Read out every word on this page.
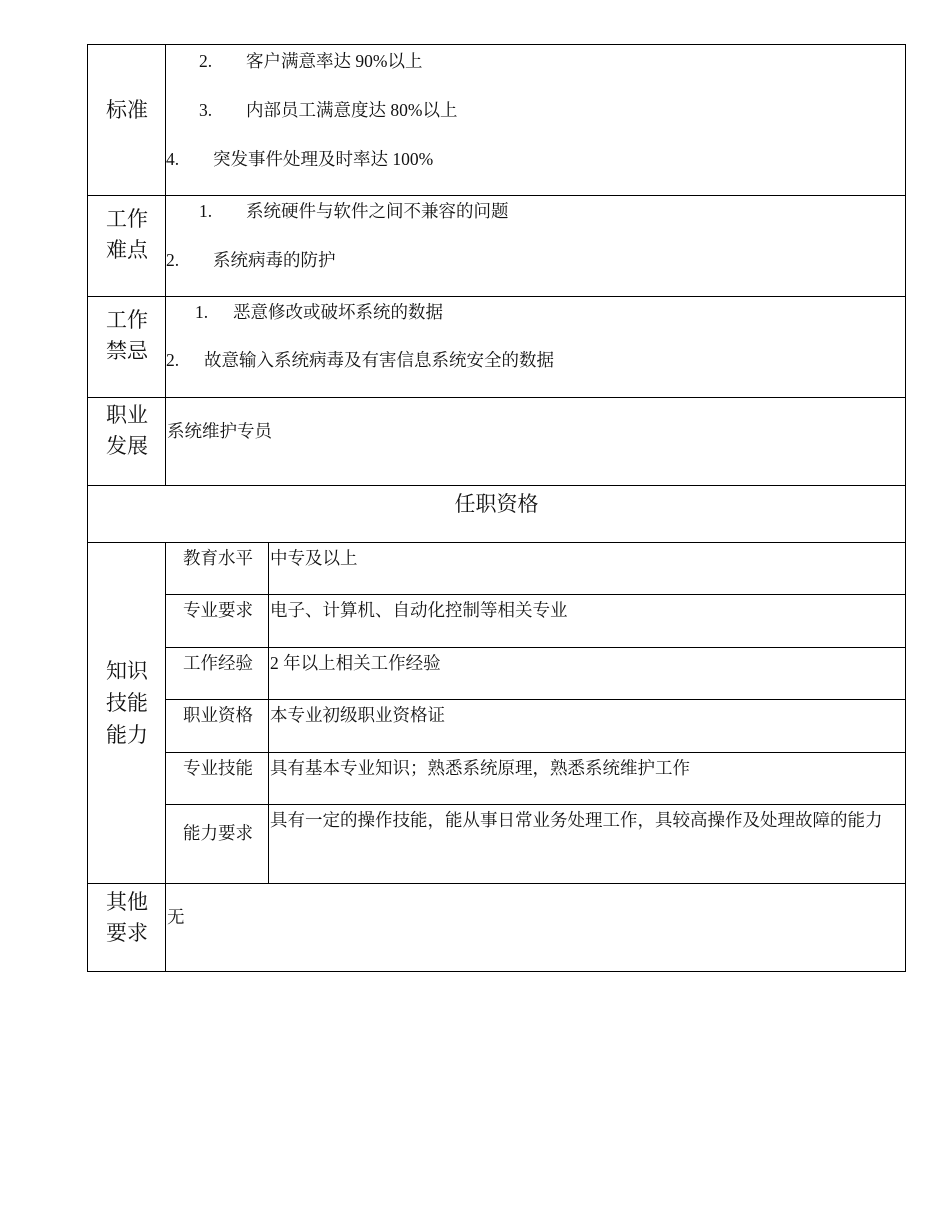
标准
2. 客户满意率达 90%以上
3. 内部员工满意度达 80%以上
4. 突发事件处理及时率达 100%
工作
难点
1. 系统硬件与软件之间不兼容的问题
2. 系统病毒的防护
工作
禁忌
1. 恶意修改或破坏系统的数据
2. 故意输入系统病毒及有害信息系统安全的数据
职业
发展
系统维护专员
任职资格
知识
技能
能力
教育水平 中专及以上
专业要求 电子、计算机、自动化控制等相关专业
工作经验 2 年以上相关工作经验
职业资格 本专业初级职业资格证
专业技能 具有基本专业知识；熟悉系统原理，熟悉系统维护工作
能力要求
具有一定的操作技能，能从事日常业务处理工作，具较高操作及处理故障的能力
其他
要求
无
